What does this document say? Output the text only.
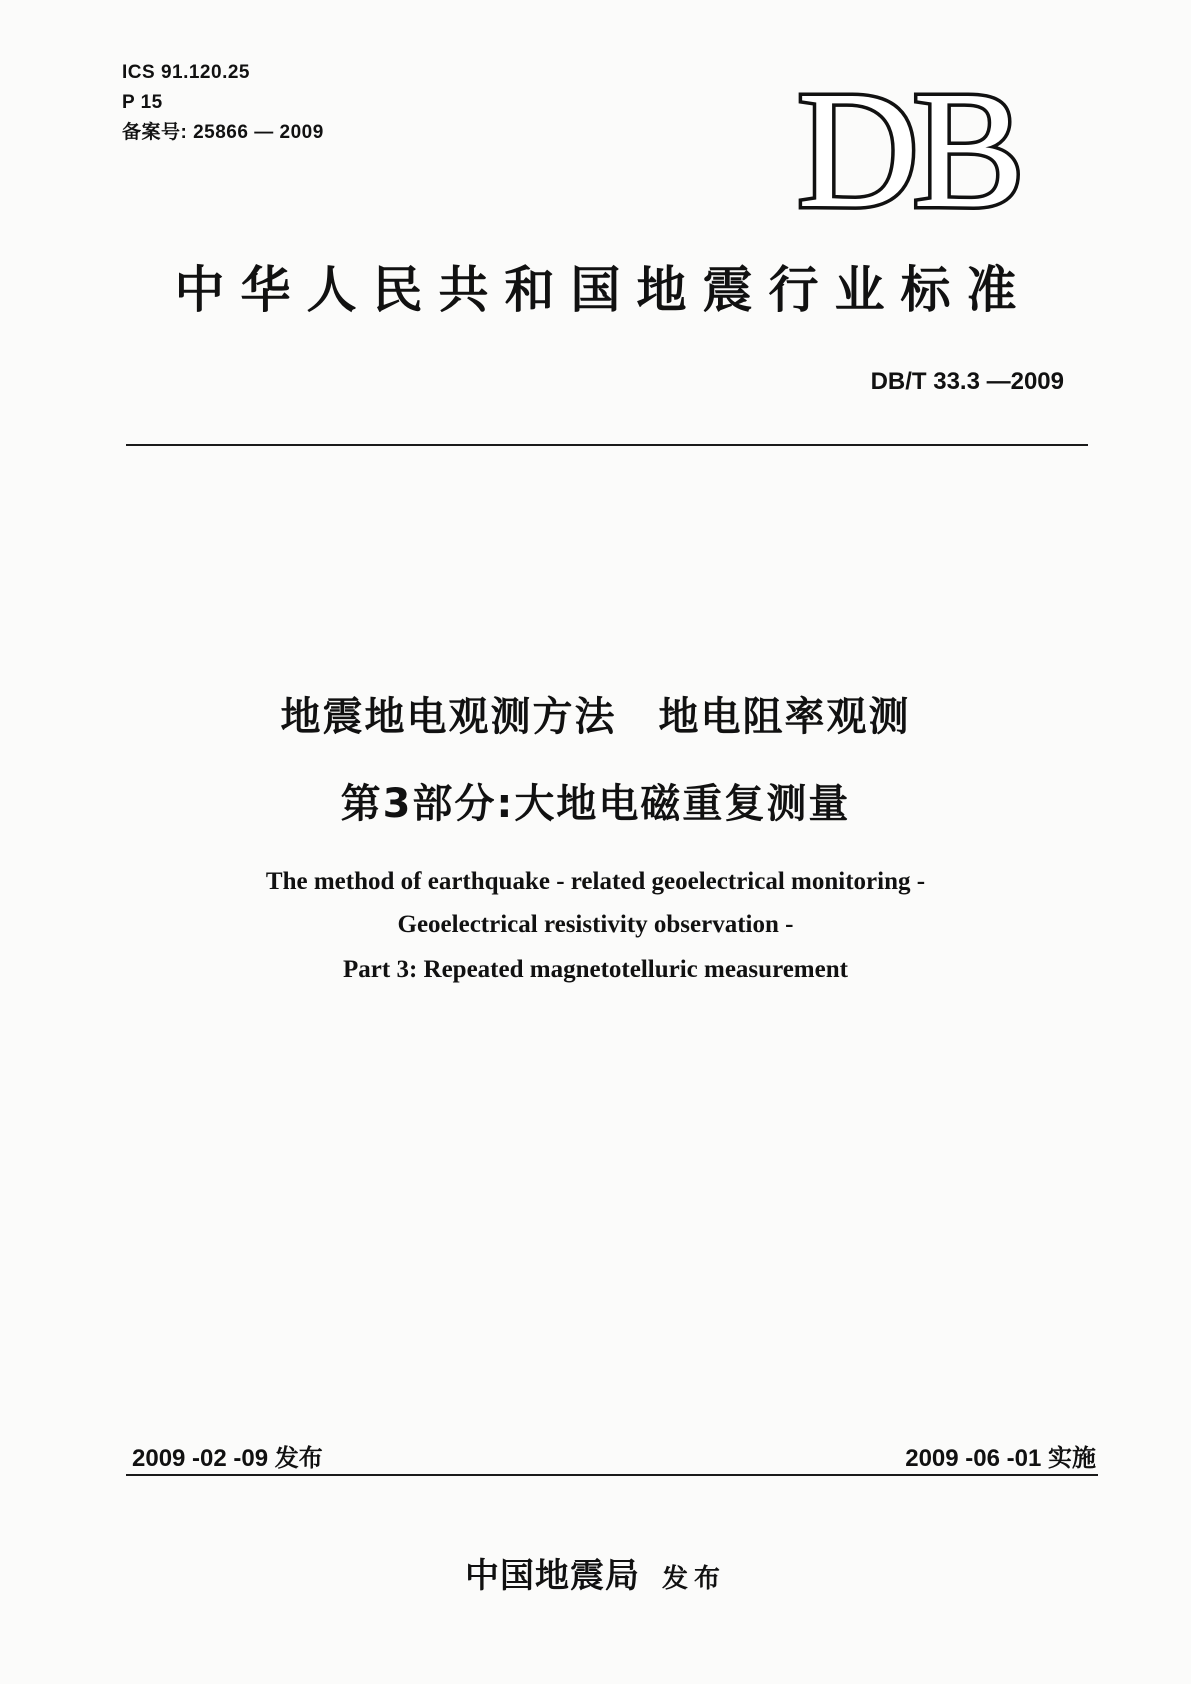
ICS 91.120.25
P 15
备案号: 25866 — 2009	DB
中华人民共和国地震行业标准
DB/T 33.3 —2009
地震地电观测方法　地电阻率观测
第3部分:大地电磁重复测量
The method of earthquake - related geoelectrical monitoring -
Geoelectrical resistivity observation -
Part 3: Repeated magnetotelluric measurement
2009 -02 -09 发布	2009 -06 -01 实施
中国地震局 发布
